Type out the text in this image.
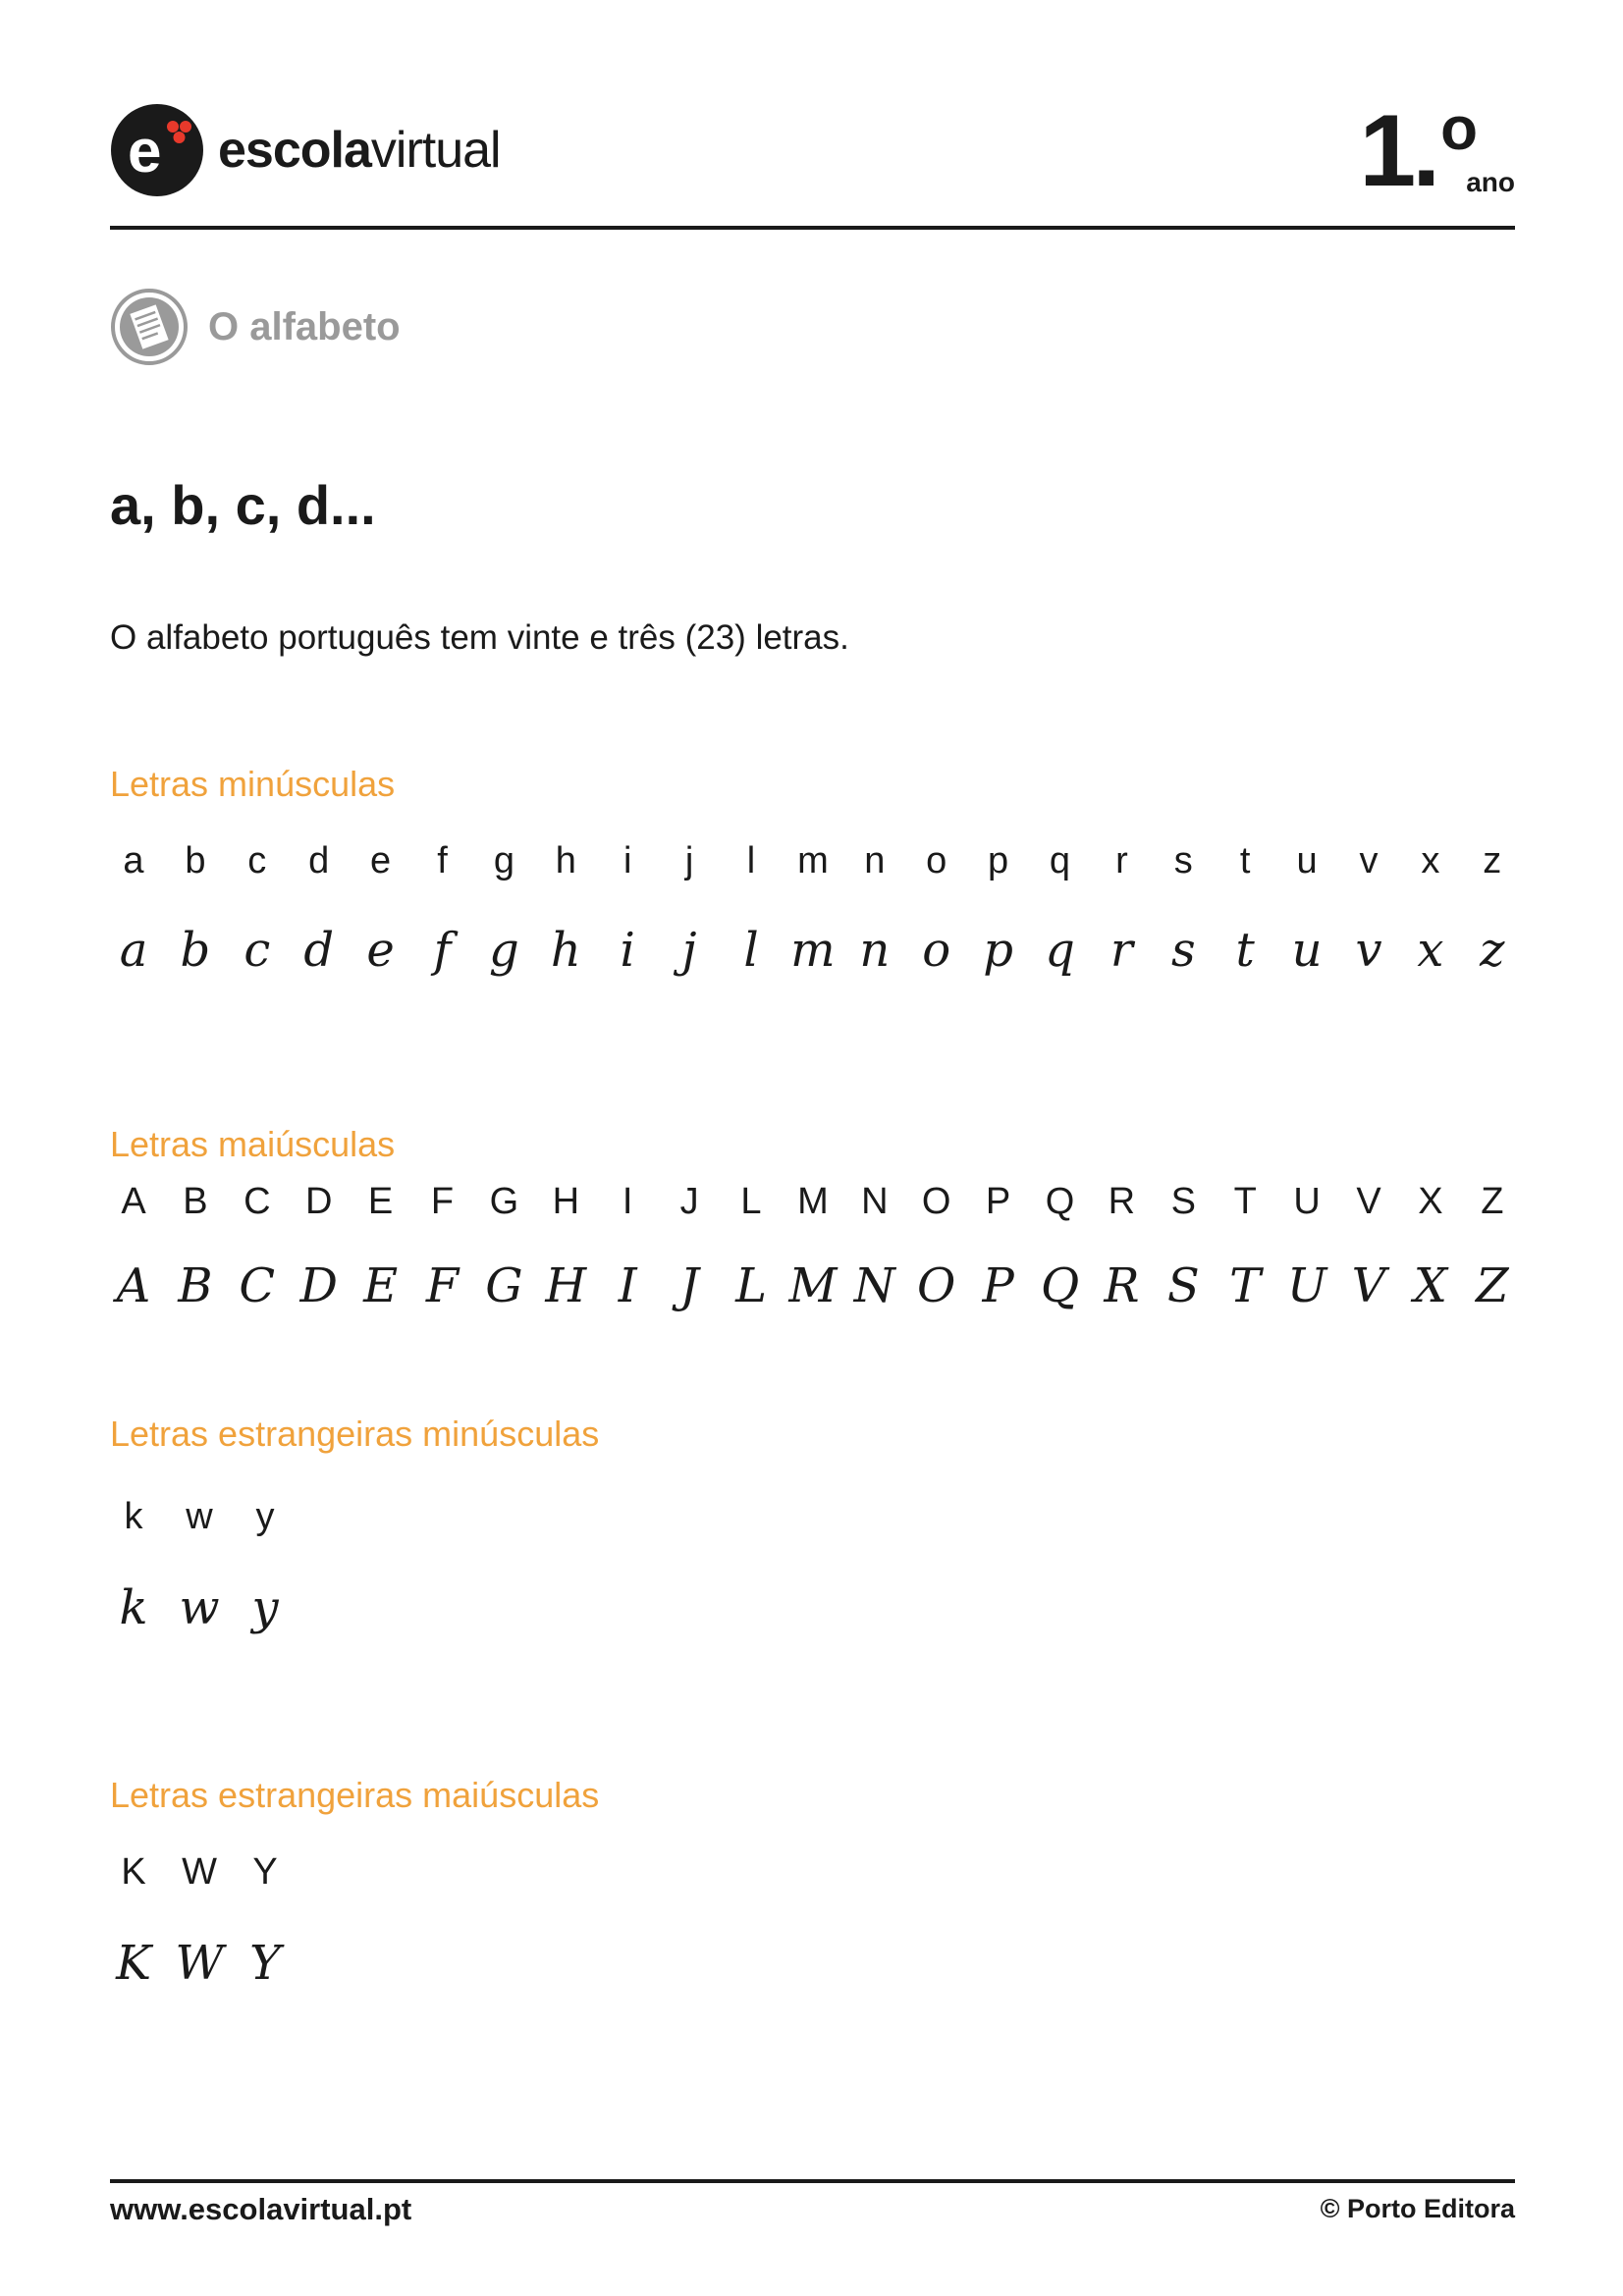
e escolavirtual	1. o
ano
O alfabeto
a, b, c, d...

O alfabeto português tem vinte e três (23) letras.

Letras minúsculas

a b c d e f g h i j l m n o p q r s t u v x z
a b c d e f g h i j l m n o p q r s t u v x z

Letras maiúsculas

A B C D E F G H I J L M N O P Q R S T U V X Z
A B C D E F G H I J L M N O P Q R S T U V X Z

Letras estrangeiras minúsculas

k w y
k w y

Letras estrangeiras maiúsculas

K W Y
K W Y
www.escolavirtual.pt	© Porto Editora
